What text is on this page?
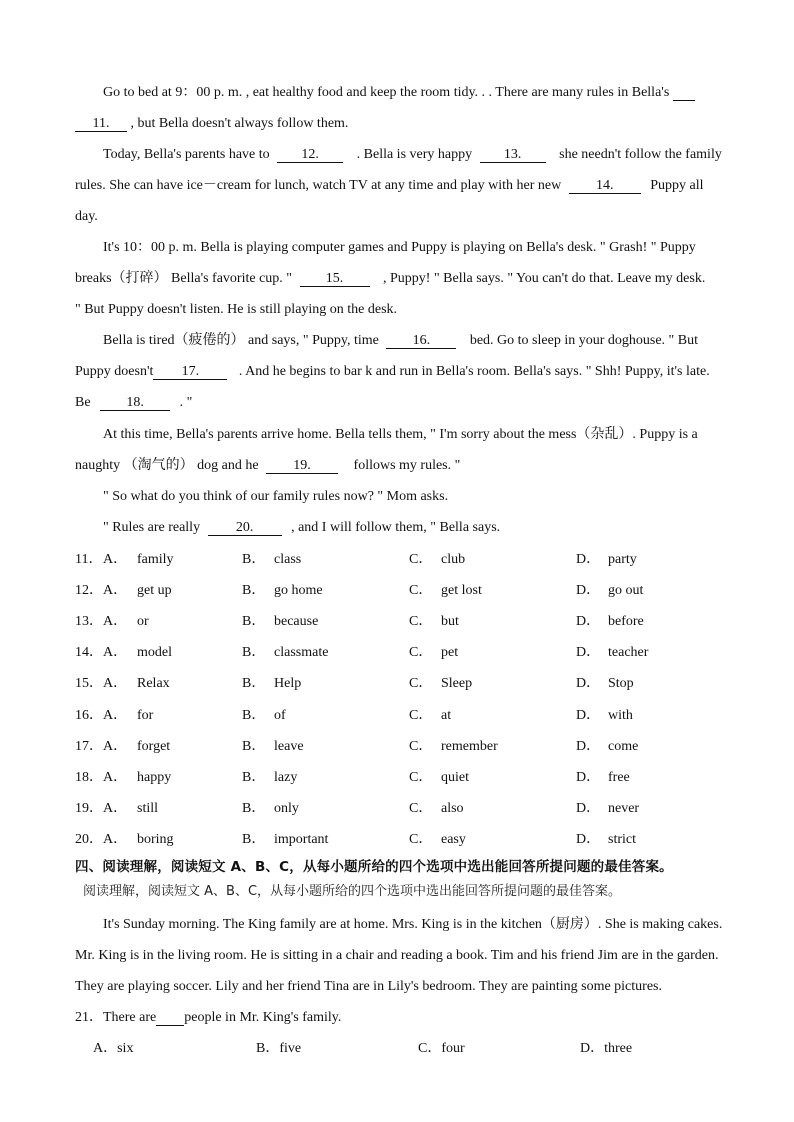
Go to bed at 9：00 p. m. , eat healthy food and keep the room tidy. . . There are many rules in Bella's
11. , but Bella doesn't always follow them.
Today, Bella's parents have to 12.	. Bella is very happy 13.	she needn't follow the family
rules. She can have ice－cream for lunch, watch TV at any time and play with her new 14.	Puppy all
day.
It's 10：00 p. m. Bella is playing computer games and Puppy is playing on Bella's desk. " Grash! " Puppy
breaks（打碎） Bella's favorite cup. " 15.	, Puppy! " Bella says. " You can't do that. Leave my desk.
" But Puppy doesn't listen. He is still playing on the desk.
Bella is tired（疲倦的） and says, " Puppy, time 16.	bed. Go to sleep in your doghouse. " But
Puppy doesn't 17.	. And he begins to bar k and run in Bella's room. Bella's says. " Shh! Puppy, it's late.
Be	18.	. "
At this time, Bella's parents arrive home. Bella tells them, " I'm sorry about the mess（杂乱）. Puppy is a
naughty （淘气的） dog and he 19.	follows my rules. "
" So what do you think of our family rules now? " Mom asks.
" Rules are really	20.	, and I will follow them, " Bella says.
11． A． family	B． class	C． club	D． party
12． A． get up	B． go home	C． get lost	D． go out
13． A． or	B． because	C． but	D． before
14． A． model	B． classmate	C． pet	D． teacher
15． A． Relax	B． Help	C． Sleep	D． Stop
16． A． for	B． of	C． at	D． with
17． A． forget	B． leave	C． remember	D． come
18． A． happy	B． lazy	C． quiet	D． free
19． A． still	B． only	C． also	D． never
20． A． boring	B． important	C． easy	D． strict
四、阅读理解，阅读短文 A、B、C，从每小题所给的四个选项中选出能回答所提问题的最佳答案。
阅读理解，阅读短文 A、B、C，从每小题所给的四个选项中选出能回答所提问题的最佳答案。
It's Sunday morning. The King family are at home. Mrs. King is in the kitchen（厨房）. She is making cakes.
Mr. King is in the living room. He is sitting in a chair and reading a book. Tim and his friend Jim are in the garden.
They are playing soccer. Lily and her friend Tina are in Lily's bedroom. They are painting some pictures.
21．There are people in Mr. King's family.
A．six	B．five	C．four	D．three
